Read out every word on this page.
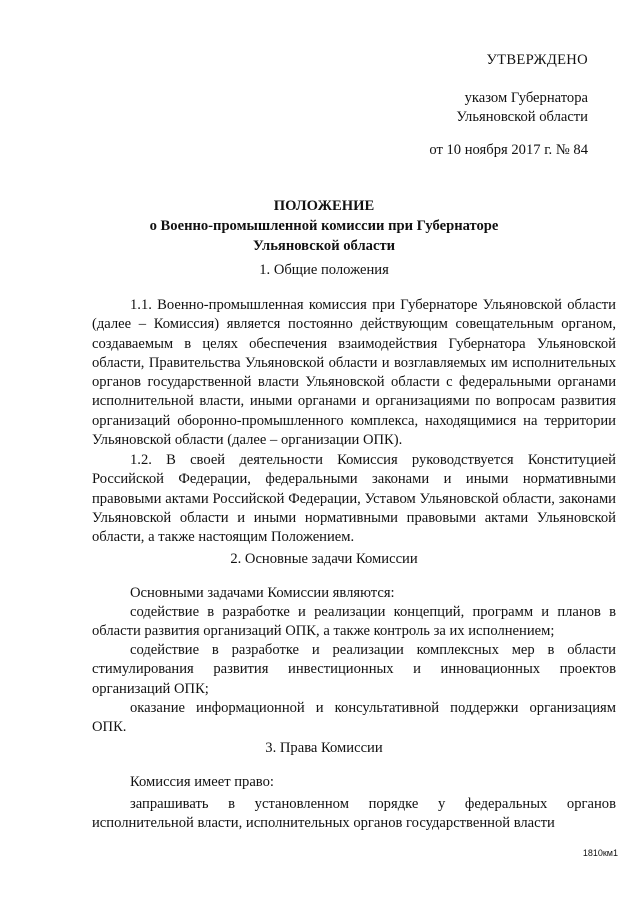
УТВЕРЖДЕНО
указом Губернатора
Ульяновской области
от 10 ноября 2017 г. № 84
ПОЛОЖЕНИЕ
о Военно-промышленной комиссии при Губернаторе
Ульяновской области
1. Общие положения
1.1. Военно-промышленная комиссия при Губернаторе Ульяновской области (далее – Комиссия) является постоянно действующим совещательным органом, создаваемым в целях обеспечения взаимодействия Губернатора Ульяновской области, Правительства Ульяновской области и возглавляемых им исполнительных органов государственной власти Ульяновской области с федеральными органами исполнительной власти, иными органами и организациями по вопросам развития организаций оборонно-промышленного комплекса, находящимися на территории Ульяновской области (далее – организации ОПК).
1.2. В своей деятельности Комиссия руководствуется Конституцией Российской Федерации, федеральными законами и иными нормативными правовыми актами Российской Федерации, Уставом Ульяновской области, законами Ульяновской области и иными нормативными правовыми актами Ульяновской области, а также настоящим Положением.
2. Основные задачи Комиссии
Основными задачами Комиссии являются:
содействие в разработке и реализации концепций, программ и планов в области развития организаций ОПК, а также контроль за их исполнением;
содействие в разработке и реализации комплексных мер в области стимулирования развития инвестиционных и инновационных проектов организаций ОПК;
оказание информационной и консультативной поддержки организациям ОПК.
3. Права Комиссии
Комиссия имеет право:
запрашивать в установленном порядке у федеральных органов исполнительной власти, исполнительных органов государственной власти
1810км1
